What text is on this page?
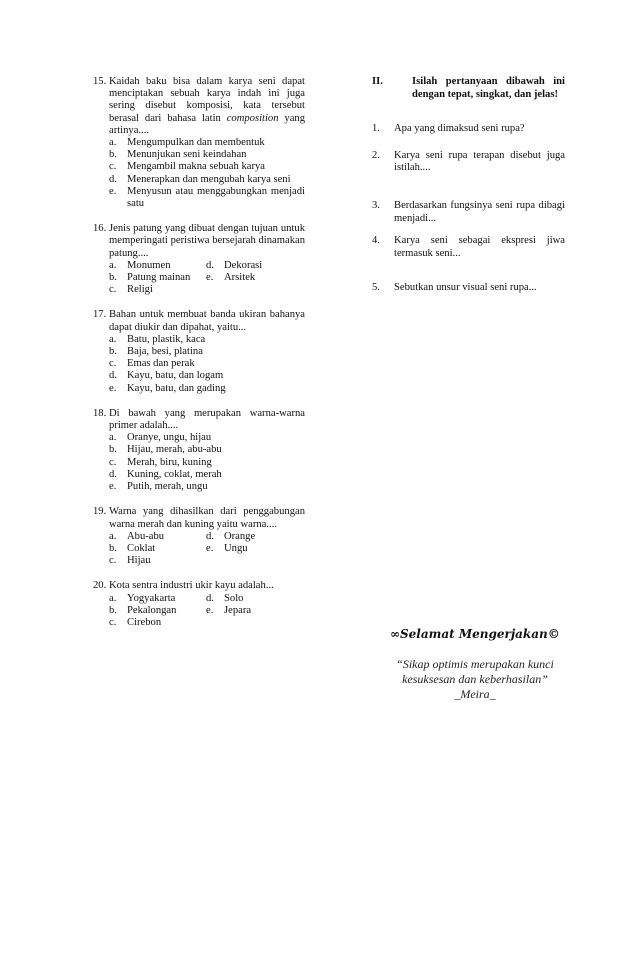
15. Kaidah baku bisa dalam karya seni dapat menciptakan sebuah karya indah ini juga sering disebut komposisi, kata tersebut berasal dari bahasa latin composition yang artinya....
a.	Mengumpulkan dan membentuk
b. Menunjukan seni keindahan
c.	Mengambil makna sebuah karya
d. Menerapkan dan mengubah karya seni
e.	Menyusun atau menggabungkan menjadi satu
16. Jenis patung yang dibuat dengan tujuan untuk memperingati peristiwa bersejarah dinamakan patung....
a.	Monumen	d. Dekorasi
b. Patung mainan	e.	Arsitek
c.	Religi
17. Bahan untuk membuat banda ukiran bahanya dapat diukir dan dipahat, yaitu...
a.	Batu, plastik, kaca
b. Baja, besi, platina
c.	Emas dan perak
d. Kayu, batu, dan logam
e.	Kayu, batu, dan gading
18. Di bawah yang merupakan warna-warna primer adalah....
a.	Oranye, ungu, hijau
b. Hijau, merah, abu-abu
c.	Merah, biru, kuning
d. Kuning, coklat, merah
e.	Putih, merah, ungu
19. Warna yang dihasilkan dari penggabungan warna merah dan kuning yaitu warna....
a.	Abu-abu	d. Orange
b. Coklat	e.	Ungu
c.	Hijau
20. Kota sentra industri ukir kayu adalah...
a.	Yogyakarta	d. Solo
b. Pekalongan	e.	Jepara
c.	Cirebon
II.	Isilah pertanyaan dibawah ini dengan tepat, singkat, dan jelas!
1.	Apa yang dimaksud seni rupa?
2.	Karya seni rupa terapan disebut juga istilah....
3.	Berdasarkan fungsinya seni rupa dibagi menjadi...
4.	Karya seni sebagai ekspresi jiwa termasuk seni...
5.	Sebutkan unsur visual seni rupa...
∞Selamat Mengerjakan©
“Sikap optimis merupakan kunci
kesuksesan dan keberhasilan”
_Meira_
